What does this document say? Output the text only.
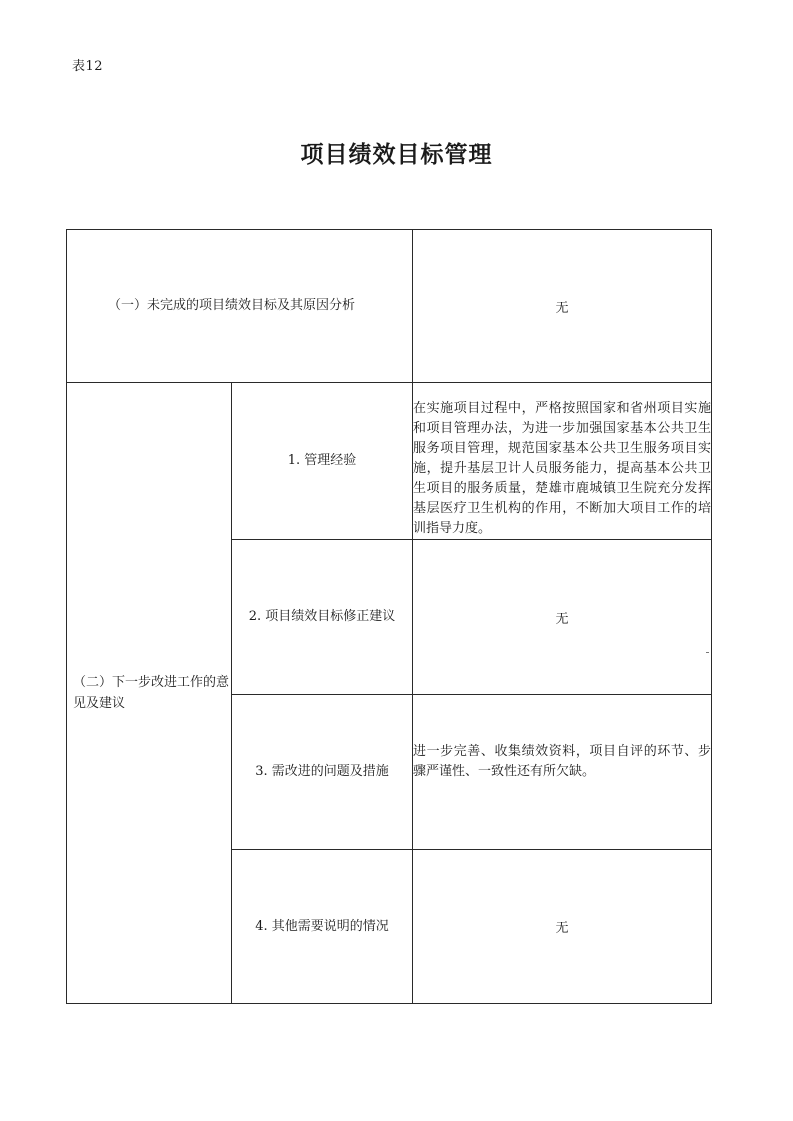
表12
项目绩效目标管理
（一）未完成的项目绩效目标及其原因分析		无
（二）下一步改进工作的意见及建议	1. 管理经验	在实施项目过程中，严格按照国家和省州项目实施和项目管理办法，为进一步加强国家基本公共卫生服务项目管理，规范国家基本公共卫生服务项目实施，提升基层卫计人员服务能力，提高基本公共卫生项目的服务质量，楚雄市鹿城镇卫生院充分发挥基层医疗卫生机构的作用，不断加大项目工作的培训指导力度。
	2. 项目绩效目标修正建议	无
	3. 需改进的问题及措施	进一步完善、收集绩效资料，项目自评的环节、步骤严谨性、一致性还有所欠缺。
	4. 其他需要说明的情况	无
